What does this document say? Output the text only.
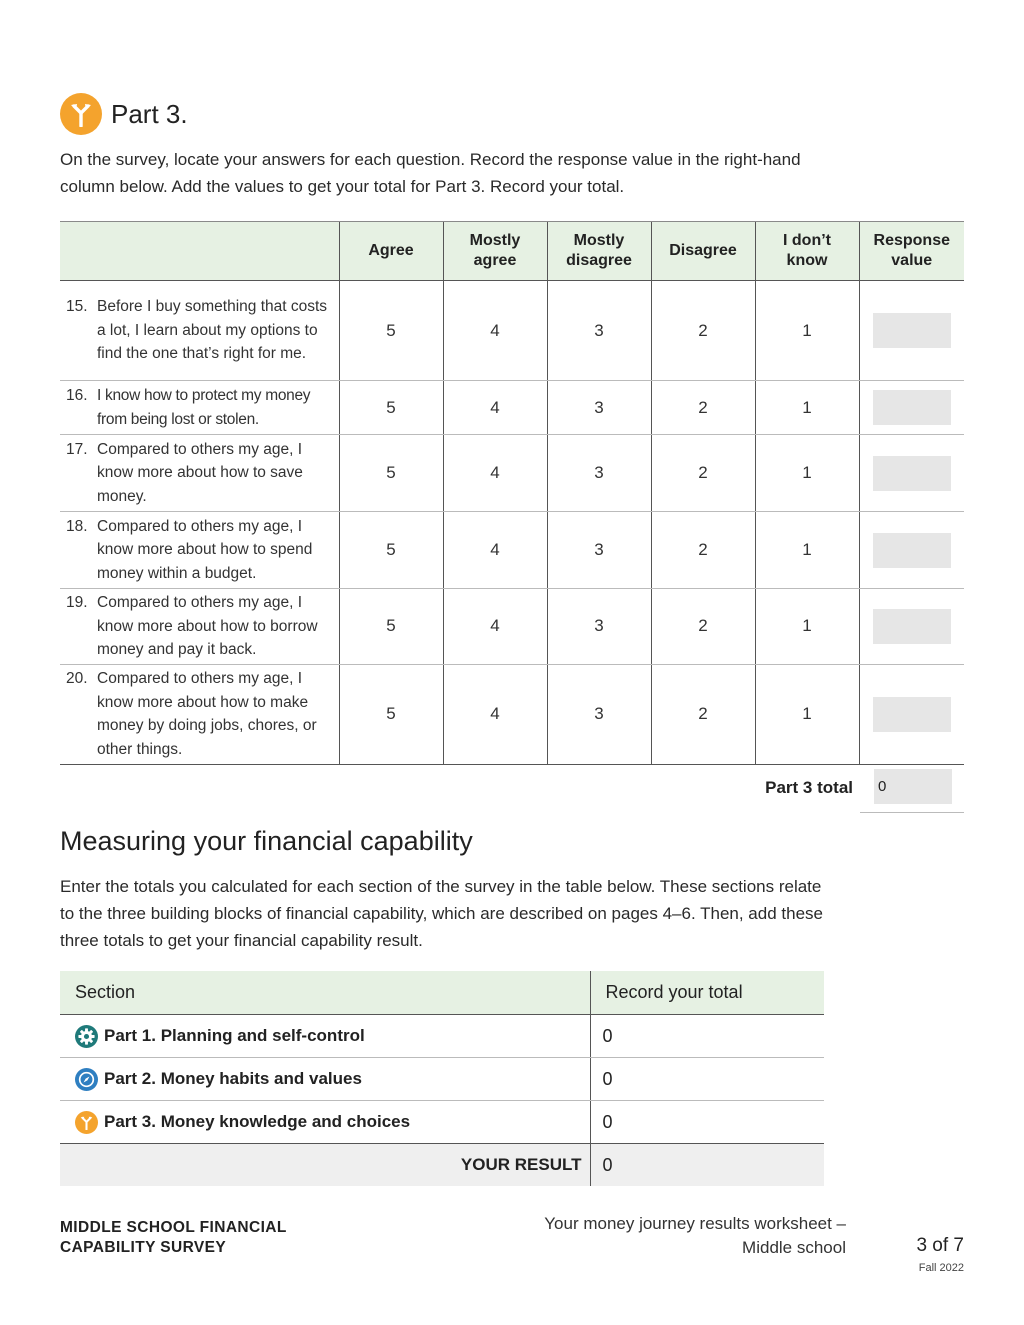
Part 3.
On the survey, locate your answers for each question. Record the response value in the right-hand column below. Add the values to get your total for Part 3. Record your total.
	Agree	Mostly agree	Mostly disagree	Disagree	I don’t know	Response value

15. Before I buy something that costs a lot, I learn about my options to find the one that’s right for me.	5	4	3	2	1	

16. I know how to protect my money from being lost or stolen.	5	4	3	2	1	

17. Compared to others my age, I know more about how to save money.	5	4	3	2	1	

18. Compared to others my age, I know more about how to spend money within a budget.	5	4	3	2	1	

19. Compared to others my age, I know more about how to borrow money and pay it back.	5	4	3	2	1	

20. Compared to others my age, I know more about how to make money by doing jobs, chores, or other things.	5	4	3	2	1	
Part 3 total 0
Measuring your financial capability
Enter the totals you calculated for each section of the survey in the table below. These sections relate to the three building blocks of financial capability, which are described on pages 4–6. Then, add these three totals to get your financial capability result.
Section	Record your total

Part 1. Planning and self-control	0

Part 2. Money habits and values	0

Part 3. Money knowledge and choices	0
YOUR RESULT	0
MIDDLE SCHOOL FINANCIAL
CAPABILITY SURVEY
Your money journey results worksheet –
Middle school	3 of 7
Fall 2022
